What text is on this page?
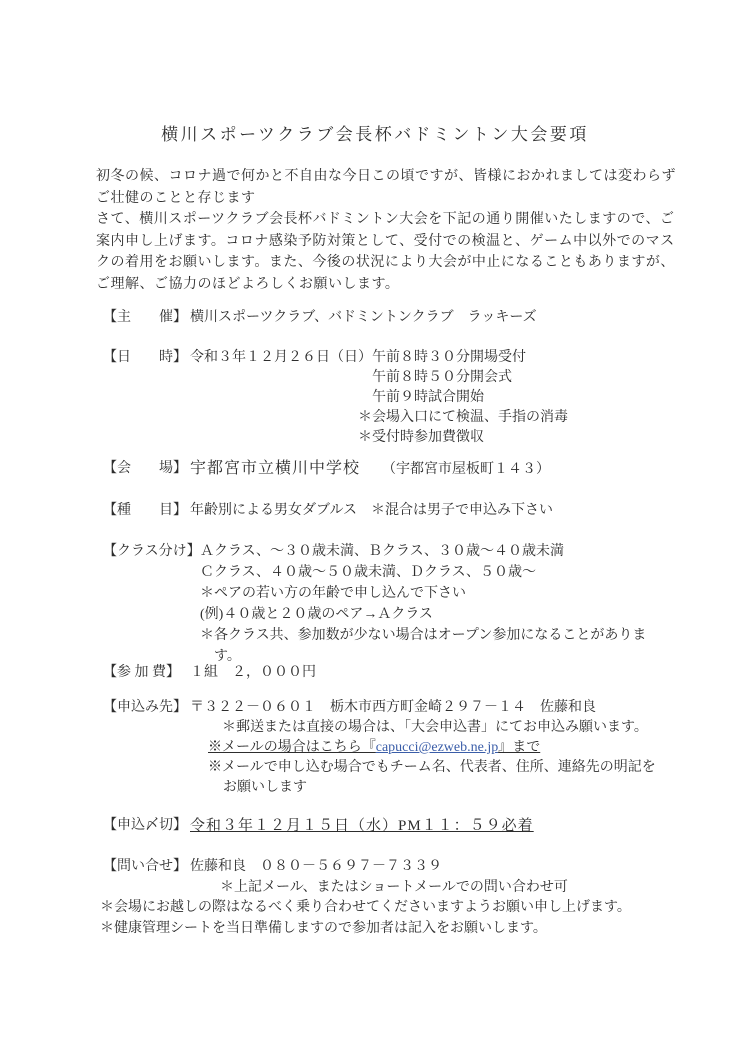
横川スポーツクラブ会長杯バドミントン大会要項
初冬の候、コロナ過で何かと不自由な今日この頃ですが、皆様におかれましては変わらず
ご壮健のことと存じます
さて、横川スポーツクラブ会長杯バドミントン大会を下記の通り開催いたしますので、ご
案内申し上げます。コロナ感染予防対策として、受付での検温と、ゲーム中以外でのマス
クの着用をお願いします。また、今後の状況により大会が中止になることもありますが、
ご理解、ご協力のほどよろしくお願いします。
【主　　催】 横川スポーツクラブ、バドミントンクラブ　ラッキーズ
【日　　時】 令和３年１２月２６日（日）午前８時３０分開場受付
午前８時５０分開会式
午前９時試合開始
＊会場入口にて検温、手指の消毒
＊受付時参加費徴収
【会　　場】 宇都宮市立横川中学校 （宇都宮市屋板町１４３）
【種　　目】 年齢別による男女ダブルス　＊混合は男子で申込み下さい
【クラス分け】 Ａクラス、～３０歳未満、Ｂクラス、３０歳～４０歳未満
Ｃクラス、４０歳～５０歳未満、Ｄクラス、５０歳～
＊ペアの若い方の年齢で申し込んで下さい
(例)４０歳と２０歳のペア→Ａクラス
＊各クラス共、参加数が少ない場合はオープン参加になることがありま
す。
【参 加 費】 １組　２，０００円
【申込み先】 〒３２２－０６０１　栃木市西方町金崎２９７－１４　佐藤和良
＊郵送または直接の場合は、「大会申込書」にてお申込み願います。
※メールの場合はこちら『capucci@ezweb.ne.jp』まで
※メールで申し込む場合でもチーム名、代表者、住所、連絡先の明記を
お願いします
【申込〆切】 令和３年１２月１５日（水）PM１１：５９必着
【問い合せ】 佐藤和良　０８０－５６９７－７３３９
＊上記メール、またはショートメールでの問い合わせ可
＊会場にお越しの際はなるべく乗り合わせてくださいますようお願い申し上げます。
＊健康管理シートを当日準備しますので参加者は記入をお願いします。
